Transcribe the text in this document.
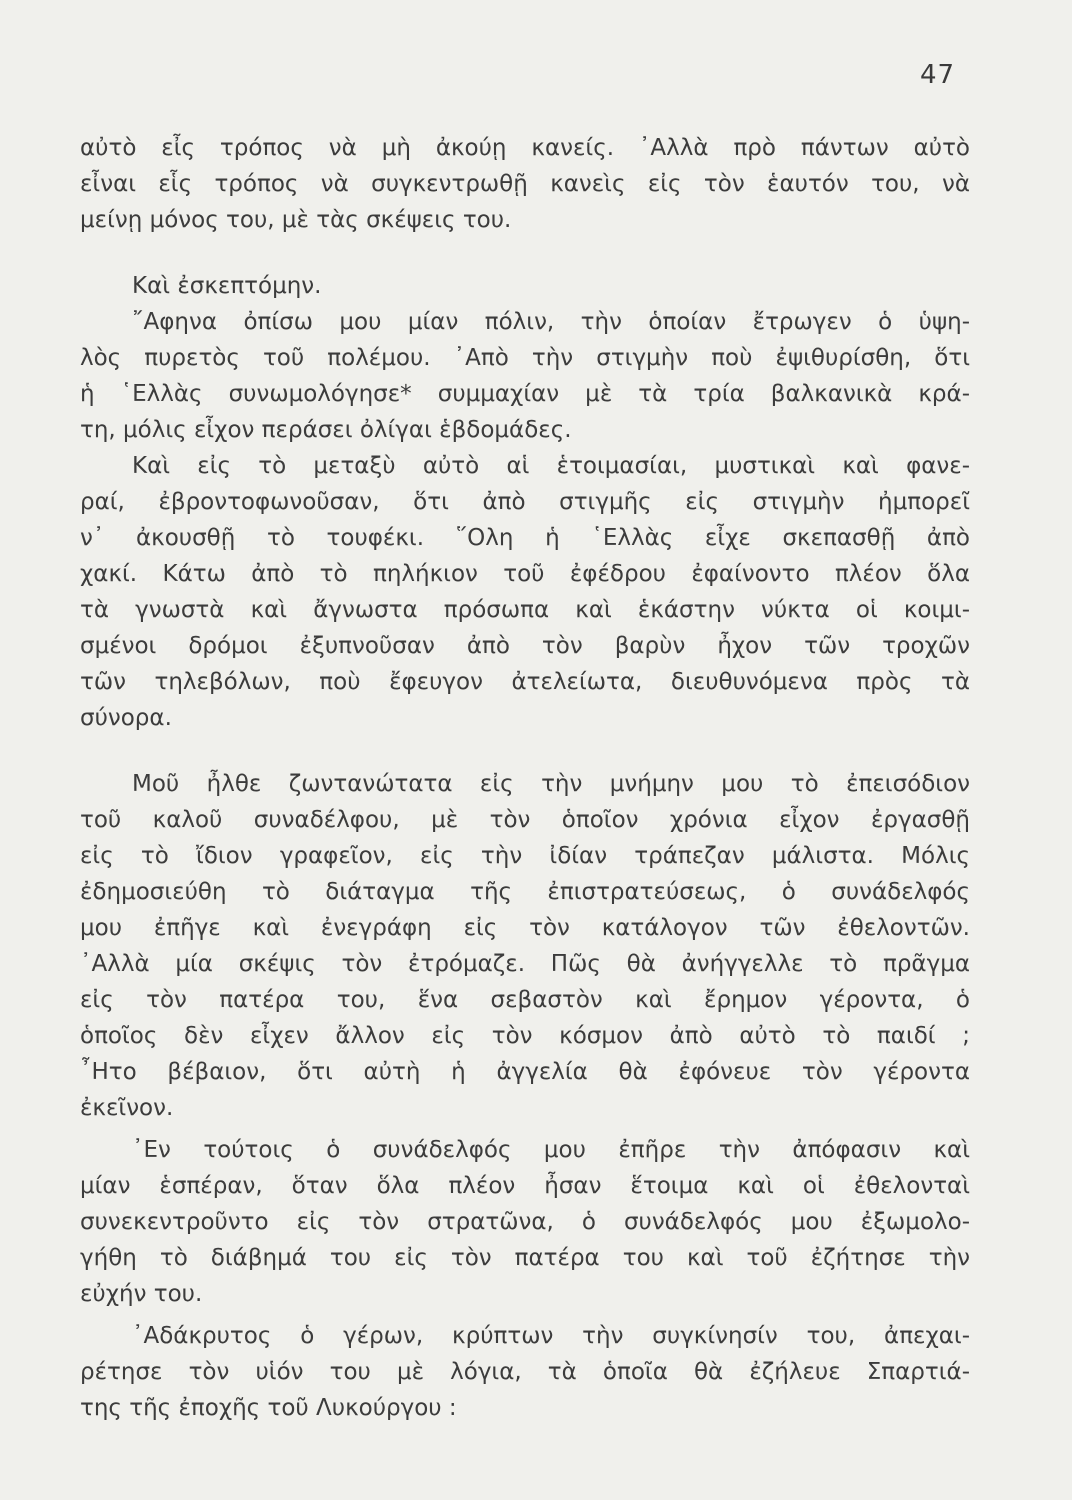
47
αὐτὸ εἶς τρόπος νὰ μὴ ἀκούῃ κανείς. ᾿Αλλὰ πρὸ πάντων αὐτὸ
εἶναι εἷς τρόπος νὰ συγκεντρωθῇ κανεὶς εἰς τὸν ἑαυτόν του, νὰ
μείνῃ μόνος του, μὲ τὰς σκέψεις του.
Καὶ ἐσκεπτόμην.
῎Αφηνα ὀπίσω μου μίαν πόλιν, τὴν ὁποίαν ἔτρωγεν ὁ ὑψη-
λὸς πυρετὸς τοῦ πολέμου. ᾿Απὸ τὴν στιγμὴν ποὺ ἐψιθυρίσθη, ὅτι
ἡ ῾Ελλὰς συνωμολόγησε* συμμαχίαν μὲ τὰ τρία βαλκανικὰ κρά-
τη, μόλις εἶχον περάσει ὀλίγαι ἑβδομάδες.
Καὶ εἰς τὸ μεταξὺ αὐτὸ αἱ ἑτοιμασίαι, μυστικαὶ καὶ φανε-
ραί, ἐβροντοφωνοῦσαν, ὅτι ἀπὸ στιγμῆς εἰς στιγμὴν ἠμπορεῖ
ν᾿ ἀκουσθῇ τὸ τουφέκι. ῞Ολη ἡ ῾Ελλὰς εἶχε σκεπασθῇ ἀπὸ
χακί. Κάτω ἀπὸ τὸ πηλήκιον τοῦ ἐφέδρου ἐφαίνοντο πλέον ὅλα
τὰ γνωστὰ καὶ ἄγνωστα πρόσωπα καὶ ἑκάστην νύκτα οἱ κοιμι-
σμένοι δρόμοι ἐξυπνοῦσαν ἀπὸ τὸν βαρὺν ἦχον τῶν τροχῶν
τῶν τηλεβόλων, ποὺ ἔφευγον ἀτελείωτα, διευθυνόμενα πρὸς τὰ
σύνορα.
Μοῦ ἦλθε ζωντανώτατα εἰς τὴν μνήμην μου τὸ ἐπεισόδιον
τοῦ καλοῦ συναδέλφου, μὲ τὸν ὁποῖον χρόνια εἶχον ἐργασθῇ
εἰς τὸ ἴδιον γραφεῖον, εἰς τὴν ἰδίαν τράπεζαν μάλιστα. Μόλις
ἐδημοσιεύθη τὸ διάταγμα τῆς ἐπιστρατεύσεως, ὁ συνάδελφός
μου ἐπῆγε καὶ ἐνεγράφη εἰς τὸν κατάλογον τῶν ἐθελοντῶν.
᾿Αλλὰ μία σκέψις τὸν ἐτρόμαζε. Πῶς θὰ ἀνήγγελλε τὸ πρᾶγμα
εἰς τὸν πατέρα του, ἕνα σεβαστὸν καὶ ἔρημον γέροντα, ὁ
ὁποῖος δὲν εἶχεν ἄλλον εἰς τὸν κόσμον ἀπὸ αὐτὸ τὸ παιδί ;
῏Ητο βέβαιον, ὅτι αὐτὴ ἡ ἀγγελία θὰ ἐφόνευε τὸν γέροντα
ἐκεῖνον.
᾿Εν τούτοις ὁ συνάδελφός μου ἐπῆρε τὴν ἀπόφασιν καὶ
μίαν ἑσπέραν, ὅταν ὅλα πλέον ἦσαν ἕτοιμα καὶ οἱ ἐθελονταὶ
συνεκεντροῦντο εἰς τὸν στρατῶνα, ὁ συνάδελφός μου ἐξωμολο-
γήθη τὸ διάβημά του εἰς τὸν πατέρα του καὶ τοῦ ἐζήτησε τὴν
εὐχήν του.
᾿Αδάκρυτος ὁ γέρων, κρύπτων τὴν συγκίνησίν του, ἀπεχαι-
ρέτησε τὸν υἱόν του μὲ λόγια, τὰ ὁποῖα θὰ ἐζήλευε Σπαρτιά-
της τῆς ἐποχῆς τοῦ Λυκούργου :
